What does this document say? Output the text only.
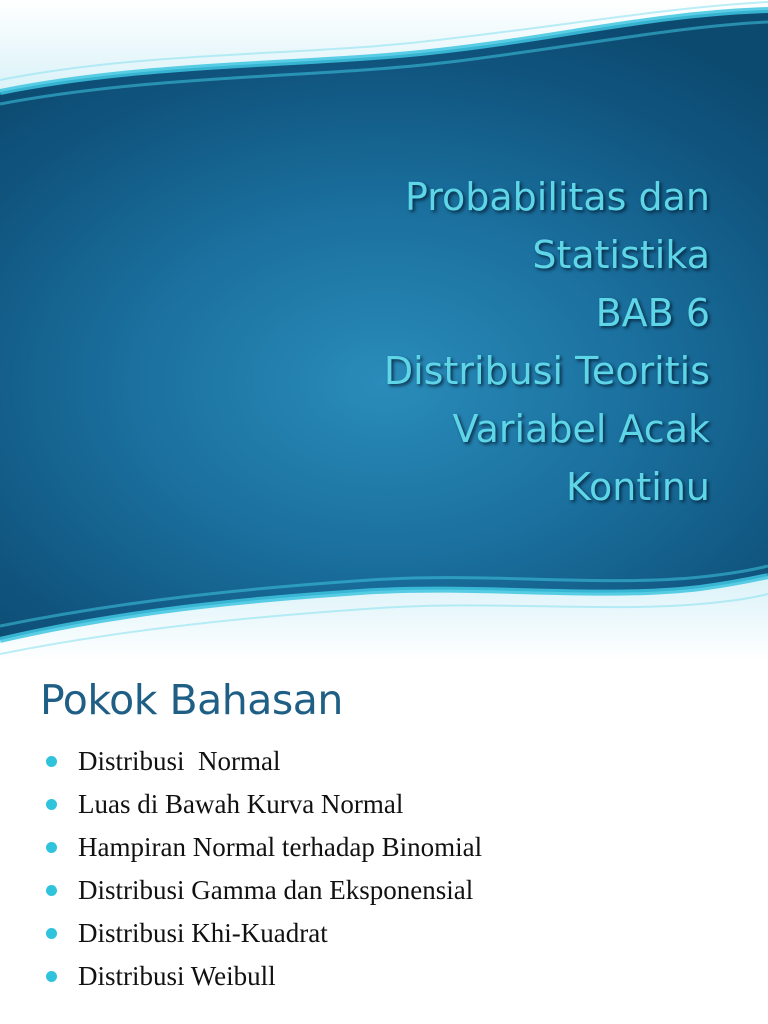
Probabilitas dan
Statistika
BAB 6
Distribusi Teoritis
Variabel Acak
Kontinu
Pokok Bahasan
Distribusi  Normal
Luas di Bawah Kurva Normal
Hampiran Normal terhadap Binomial
Distribusi Gamma dan Eksponensial
Distribusi Khi-Kuadrat
Distribusi Weibull
